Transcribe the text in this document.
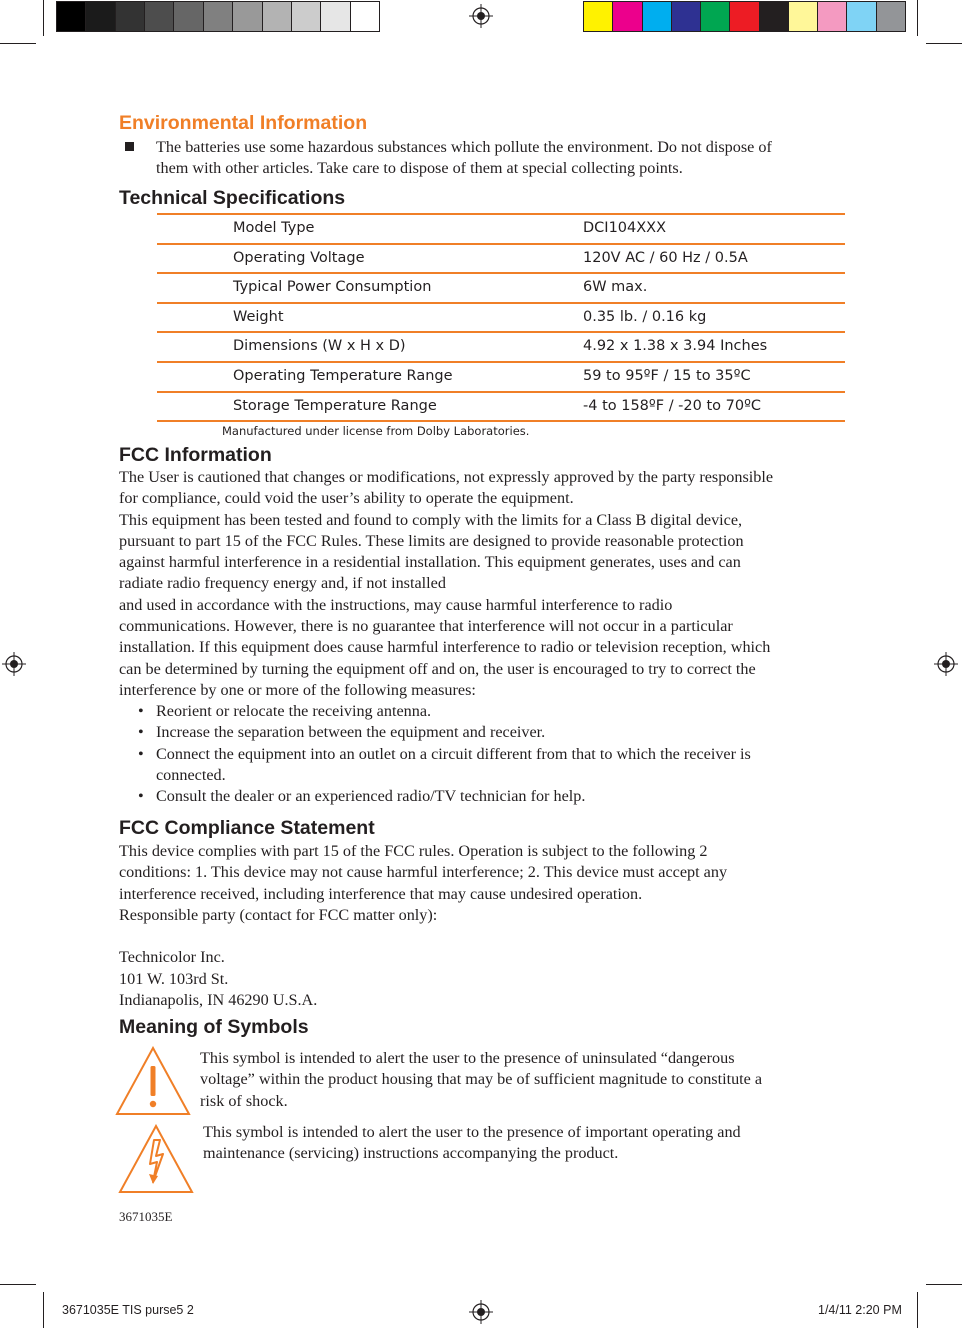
Environmental Information
The batteries use some hazardous substances which pollute the environment. Do not dispose of
them with other articles. Take care to dispose of them at special collecting points.
Technical Specifications
Model Type	DCI104XXX
Operating Voltage	120V AC / 60 Hz / 0.5A
Typical Power Consumption	6W max.
Weight	0.35 lb. / 0.16 kg
Dimensions (W x H x D)	4.92 x 1.38 x 3.94 Inches
Operating Temperature Range	59 to 95ºF / 15 to 35ºC
Storage Temperature Range	-4 to 158ºF / -20 to 70ºC
Manufactured under license from Dolby Laboratories.
FCC Information
The User is cautioned that changes or modifications, not expressly approved by the party responsible
for compliance, could void the user’s ability to operate the equipment.
This equipment has been tested and found to comply with the limits for a Class B digital device,
pursuant to part 15 of the FCC Rules. These limits are designed to provide reasonable protection
against harmful interference in a residential installation. This equipment generates, uses and can
radiate radio frequency energy and, if not installed
and used in accordance with the instructions, may cause harmful interference to radio
communications. However, there is no guarantee that interference will not occur in a particular
installation. If this equipment does cause harmful interference to radio or television reception, which
can be determined by turning the equipment off and on, the user is encouraged to try to correct the
interference by one or more of the following measures:
• Reorient or relocate the receiving antenna.
• Increase the separation between the equipment and receiver.
• Connect the equipment into an outlet on a circuit different from that to which the receiver is
connected.
• Consult the dealer or an experienced radio/TV technician for help.
FCC Compliance Statement
This device complies with part 15 of the FCC rules. Operation is subject to the following 2
conditions: 1. This device may not cause harmful interference; 2. This device must accept any
interference received, including interference that may cause undesired operation.
Responsible party (contact for FCC matter only):
Technicolor Inc.
101 W. 103rd St.
Indianapolis, IN 46290 U.S.A.
Meaning of Symbols
This symbol is intended to alert the user to the presence of uninsulated “dangerous
voltage” within the product housing that may be of sufficient magnitude to constitute a
risk of shock.
This symbol is intended to alert the user to the presence of important operating and
maintenance (servicing) instructions accompanying the product.
3671035E
3671035E TIS purse5 2	1/4/11 2:20 PM
